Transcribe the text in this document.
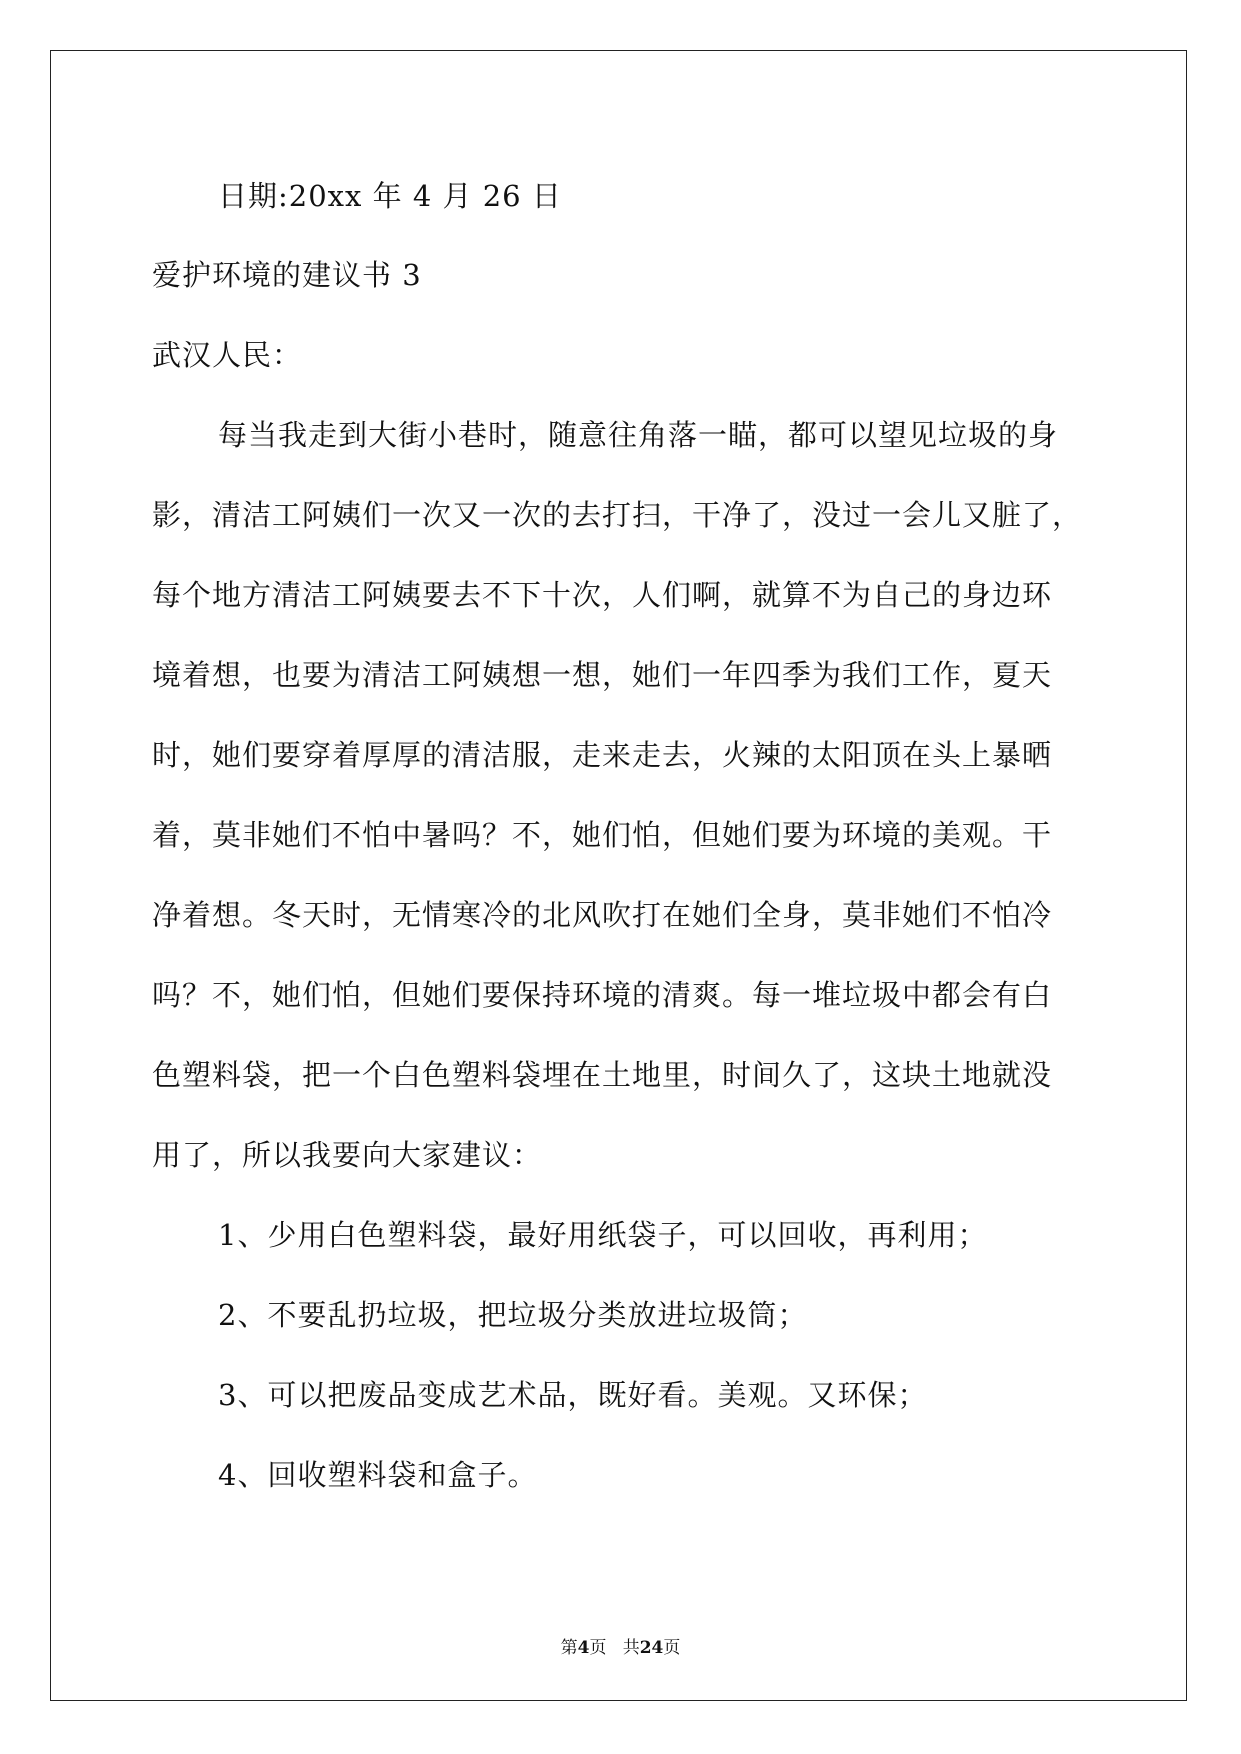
日期:20xx 年 4 月 26 日
爱护环境的建议书 3
武汉人民：
每当我走到大街小巷时，随意往角落一瞄，都可以望见垃圾的身
影，清洁工阿姨们一次又一次的去打扫，干净了，没过一会儿又脏了，
每个地方清洁工阿姨要去不下十次，人们啊，就算不为自己的身边环
境着想，也要为清洁工阿姨想一想，她们一年四季为我们工作，夏天
时，她们要穿着厚厚的清洁服，走来走去，火辣的太阳顶在头上暴晒
着，莫非她们不怕中暑吗？不，她们怕，但她们要为环境的美观。干
净着想。冬天时，无情寒冷的北风吹打在她们全身，莫非她们不怕冷
吗？不，她们怕，但她们要保持环境的清爽。每一堆垃圾中都会有白
色塑料袋，把一个白色塑料袋埋在土地里，时间久了，这块土地就没
用了，所以我要向大家建议：
1、少用白色塑料袋，最好用纸袋子，可以回收，再利用；
2、不要乱扔垃圾，把垃圾分类放进垃圾筒；
3、可以把废品变成艺术品，既好看。美观。又环保；
4、回收塑料袋和盒子。
第4页 共24页
